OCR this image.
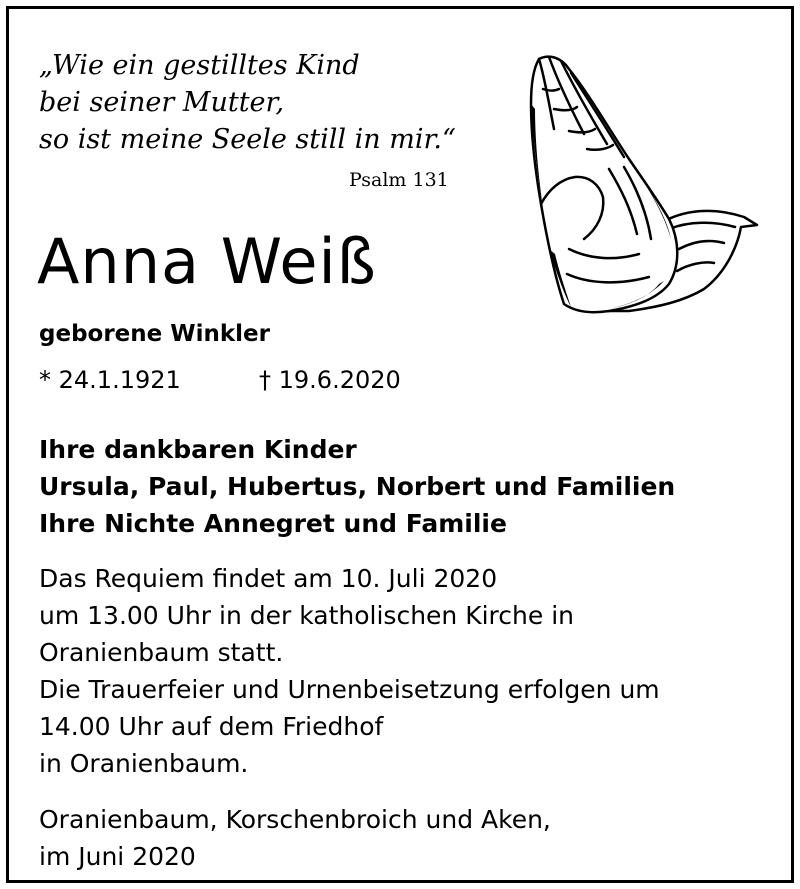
„Wie ein gestilltes Kind
bei seiner Mutter,
so ist meine Seele still in mir.“
Psalm 131
Anna Weiß
geborene Winkler
* 24.1.1921	† 19.6.2020
Ihre dankbaren Kinder
Ursula, Paul, Hubertus, Norbert und Familien
Ihre Nichte Annegret und Familie
Das Requiem findet am 10. Juli 2020
um 13.00 Uhr in der katholischen Kirche in
Oranienbaum statt.
Die Trauerfeier und Urnenbeisetzung erfolgen um
14.00 Uhr auf dem Friedhof
in Oranienbaum.
Oranienbaum, Korschenbroich und Aken,
im Juni 2020
